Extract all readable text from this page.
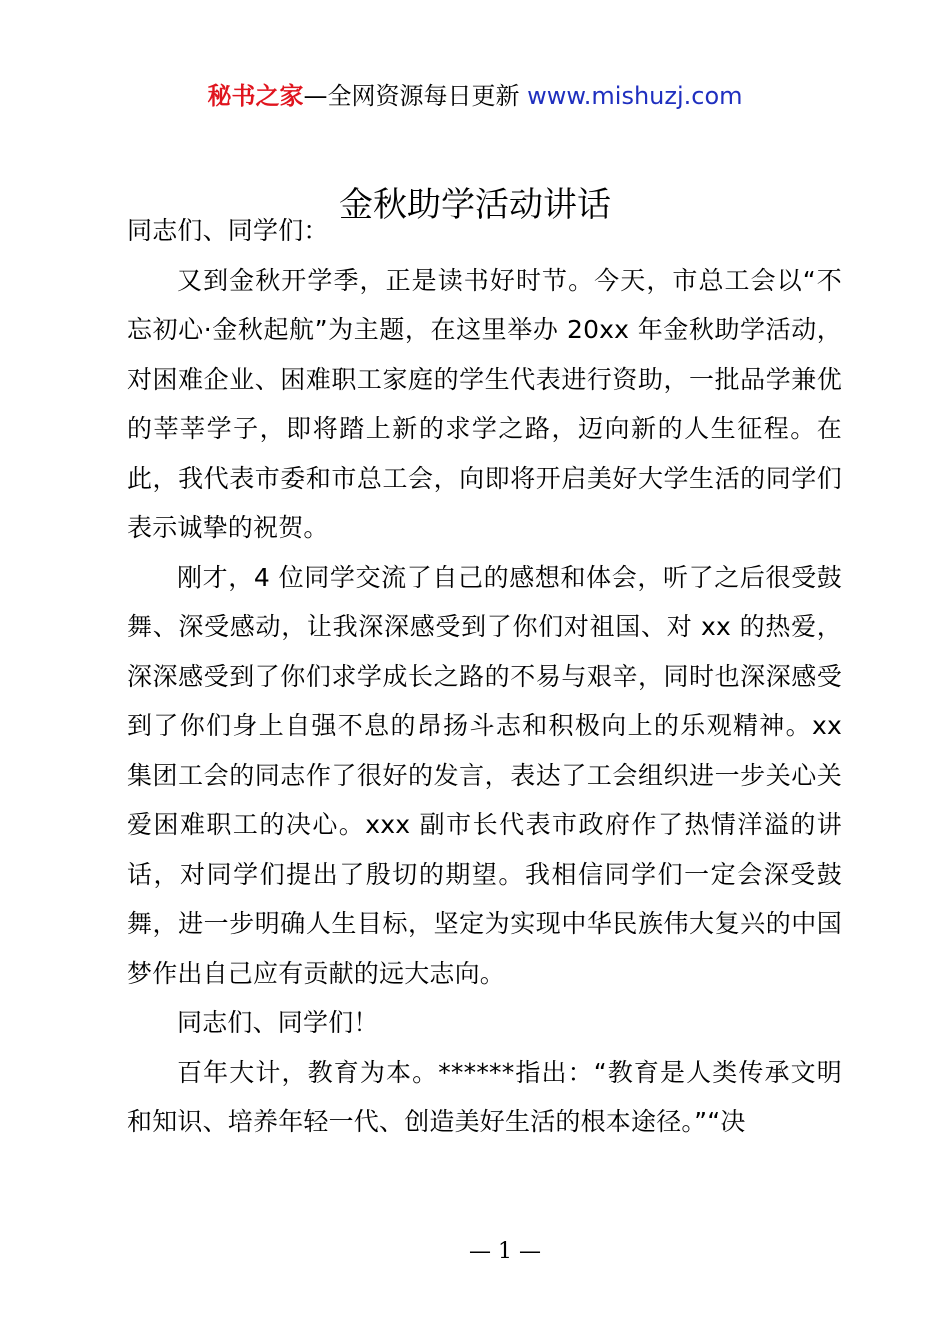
秘书之家—全网资源每日更新 www.mishuzj.com
金秋助学活动讲话

同志们、同学们：

又到金秋开学季，正是读书好时节。今天，市总工会以“不忘初心·金秋起航”为主题，在这里举办 20xx 年金秋助学活动，对困难企业、困难职工家庭的学生代表进行资助，一批品学兼优的莘莘学子，即将踏上新的求学之路，迈向新的人生征程。在此，我代表市委和市总工会，向即将开启美好大学生活的同学们表示诚挚的祝贺。

刚才，4 位同学交流了自己的感想和体会，听了之后很受鼓舞、深受感动，让我深深感受到了你们对祖国、对 xx 的热爱，深深感受到了你们求学成长之路的不易与艰辛，同时也深深感受到了你们身上自强不息的昂扬斗志和积极向上的乐观精神。xx 集团工会的同志作了很好的发言，表达了工会组织进一步关心关爱困难职工的决心。xxx 副市长代表市政府作了热情洋溢的讲话，对同学们提出了殷切的期望。我相信同学们一定会深受鼓舞，进一步明确人生目标，坚定为实现中华民族伟大复兴的中国梦作出自己应有贡献的远大志向。

同志们、同学们！

百年大计，教育为本。******指出：“教育是人类传承文明和知识、培养年轻一代、创造美好生活的根本途径。”“决

— 1 —
